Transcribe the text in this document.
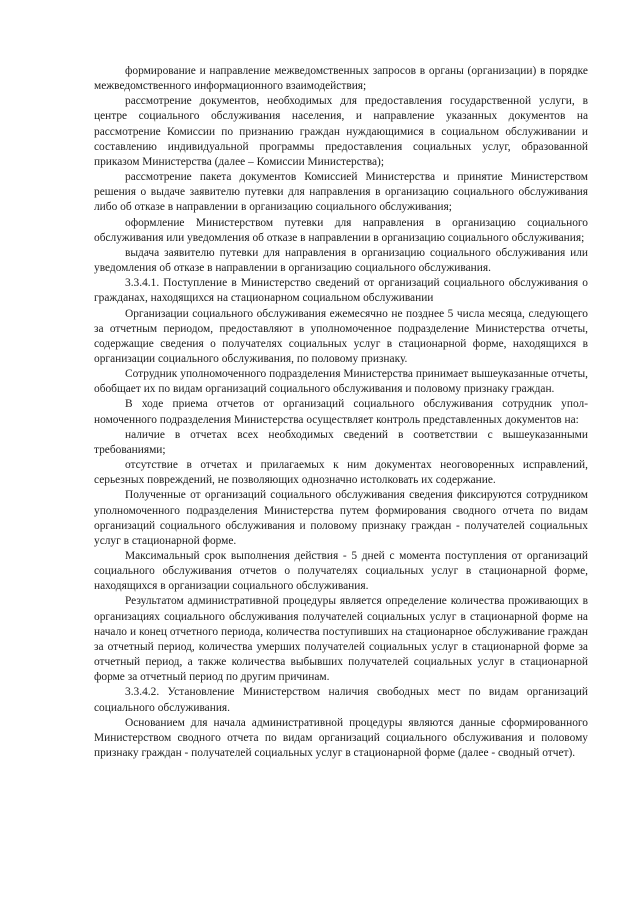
формирование и направление межведомственных запросов в органы (организации) в порядке межведомственного информационного взаимодействия;

рассмотрение документов, необходимых для предоставления государственной услуги, в центре социального обслуживания населения, и направление указанных документов на рассмотрение Комиссии по признанию граждан нуждающимися в социальном обслуживании и составлению индивидуальной программы предоставления социальных услуг, образованной приказом Министерства (далее – Комиссии Министерства);

рассмотрение пакета документов Комиссией Министерства и принятие Министерством решения о выдаче заявителю путевки для направления в организацию социального обслуживания либо об отказе в направлении в организацию социального обслуживания;

оформление Министерством путевки для направления в организацию социального обслуживания или уведомления об отказе в направлении в организацию социального обслуживания;

выдача заявителю путевки для направления в организацию социального обслуживания или уведомления об отказе в направлении в организацию социального обслуживания.

3.3.4.1. Поступление в Министерство сведений от организаций социального обслуживания о гражданах, находящихся на стационарном социальном обслуживании

Организации социального обслуживания ежемесячно не позднее 5 числа месяца, следующего за отчетным периодом, предоставляют в уполномоченное подразделение Министерства отчеты, содержащие сведения о получателях социальных услуг в стационарной форме, находящихся в организации социального обслуживания, по половому признаку.

Сотрудник уполномоченного подразделения Министерства принимает вышеуказанные отчеты, обобщает их по видам организаций социального обслуживания и половому признаку граждан.

В ходе приема отчетов от организаций социального обслуживания сотрудник уполномоченного подразделения Министерства осуществляет контроль представленных документов на:

наличие в отчетах всех необходимых сведений в соответствии с вышеуказанными требованиями;

отсутствие в отчетах и прилагаемых к ним документах неоговоренных исправлений, серьезных повреждений, не позволяющих однозначно истолковать их содержание.

Полученные от организаций социального обслуживания сведения фиксируются сотрудником уполномоченного подразделения Министерства путем формирования сводного отчета по видам организаций социального обслуживания и половому признаку граждан - получателей социальных услуг в стационарной форме.

Максимальный срок выполнения действия - 5 дней с момента поступления от организаций социального обслуживания отчетов о получателях социальных услуг в стационарной форме, находящихся в организации социального обслуживания.

Результатом административной процедуры является определение количества проживающих в организациях социального обслуживания получателей социальных услуг в стационарной форме на начало и конец отчетного периода, количества поступивших на стационарное обслуживание граждан за отчетный период, количества умерших получателей социальных услуг в стационарной форме за отчетный период, а также количества выбывших получателей социальных услуг в стационарной форме за отчетный период по другим причинам.

3.3.4.2. Установление Министерством наличия свободных мест по видам организаций социального обслуживания.

Основанием для начала административной процедуры являются данные сформированного Министерством сводного отчета по видам организаций социального обслуживания и половому признаку граждан - получателей социальных услуг в стационарной форме (далее - сводный отчет).
